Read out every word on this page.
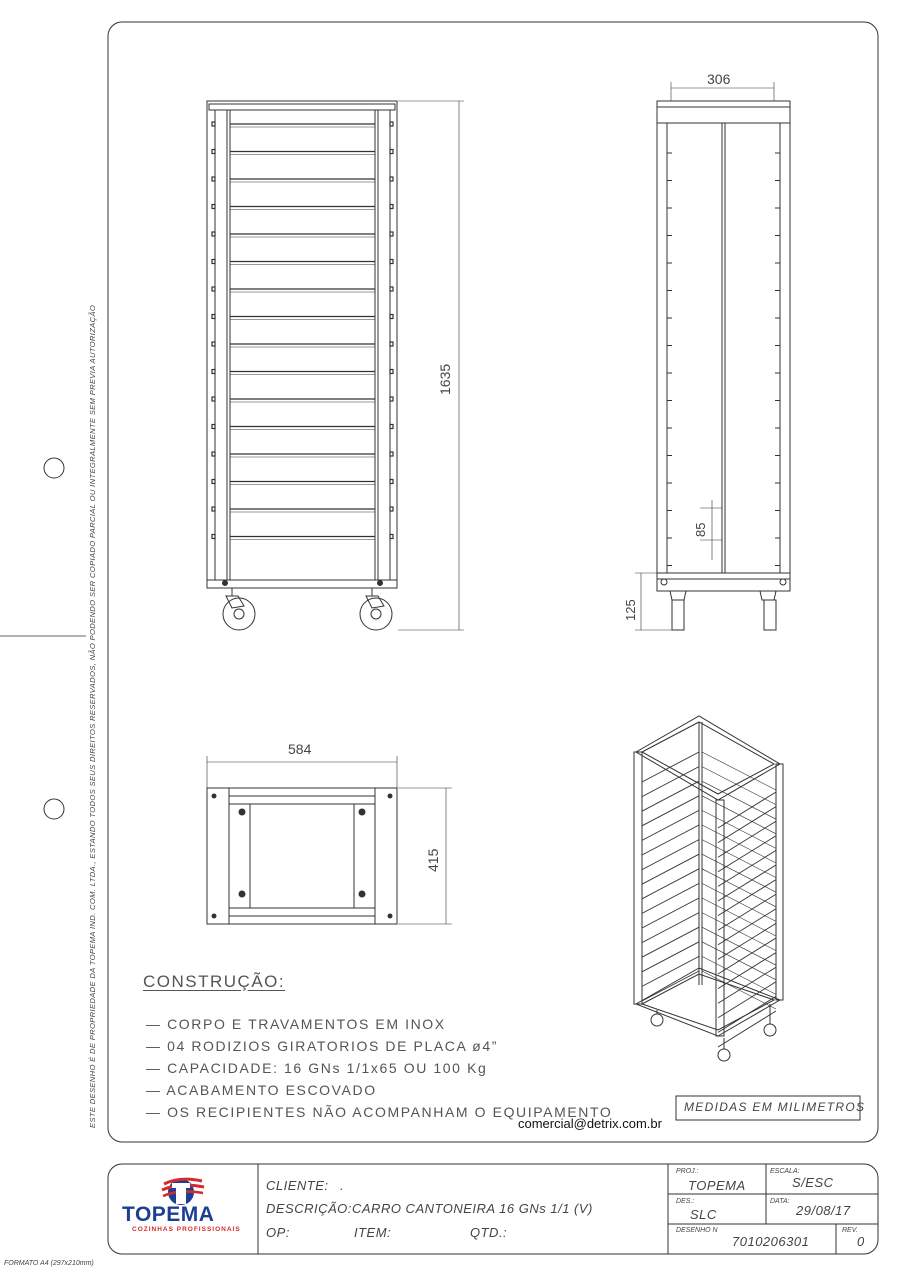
ESTE DESENHO É DE PROPRIEDADE DA TOPEMA IND. COM. LTDA., ESTANDO TODOS SEUS DIREITOS RESERVADOS, NÃO PODENDO SER COPIADO PARCIAL OU INTEGRALMENTE SEM PREVIA AUTORIZAÇÃO
306
1635
85
125
584
415
CONSTRUÇÃO:
— CORPO E TRAVAMENTOS EM INOX
— 04 RODIZIOS GIRATORIOS DE PLACA ø4”
— CAPACIDADE: 16 GNs 1/1x65 OU 100 Kg
— ACABAMENTO ESCOVADO
— OS RECIPIENTES NÃO ACOMPANHAM O EQUIPAMENTO	MEDIDAS EM MILIMETROS
comercial@detrix.com.br
TOPEMA
COZINHAS PROFISSIONAIS
CLIENTE: .
DESCRIÇÃO: CARRO CANTONEIRA 16 GNs 1/1 (V)
OP:	ITEM:	QTD.:
PROJ.:
TOPEMA
ESCALA:
S/ESC
DES.:
SLC
DATA:
29/08/17
DESENHO N
7010206301
REV.
0
FORMATO A4 (297x210mm)
